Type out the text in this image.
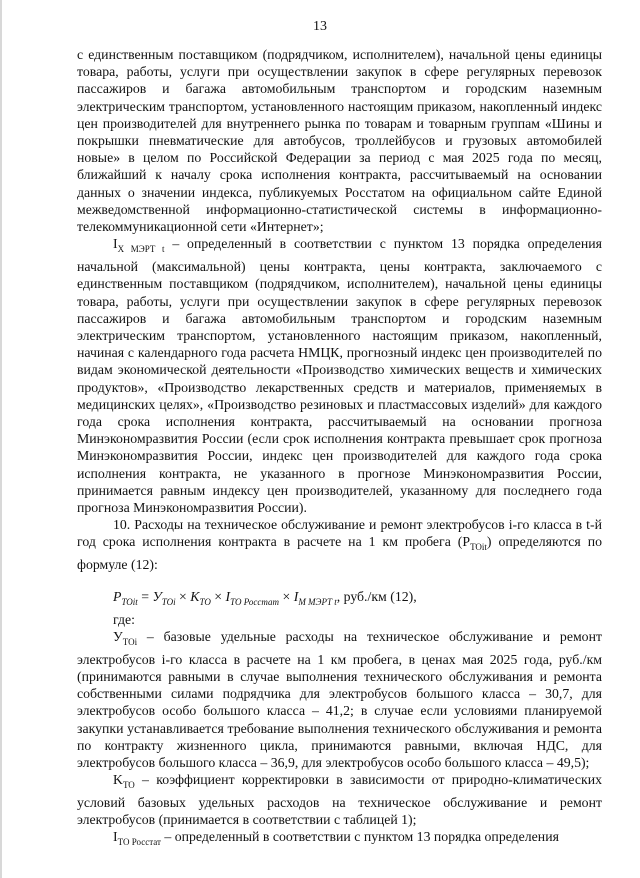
13

с единственным поставщиком (подрядчиком, исполнителем), начальной цены единицы товара, работы, услуги при осуществлении закупок в сфере регулярных перевозок пассажиров и багажа автомобильным транспортом и городским наземным электрическим транспортом, установленного настоящим приказом, накопленный индекс цен производителей для внутреннего рынка по товарам и товарным группам «Шины и покрышки пневматические для автобусов, троллейбусов и грузовых автомобилей новые» в целом по Российской Федерации за период с мая 2025 года по месяц, ближайший к началу срока исполнения контракта, рассчитываемый на основании данных о значении индекса, публикуемых Росстатом на официальном сайте Единой межведомственной информационно-статистической системы в информационно-телекоммуникационной сети «Интернет»;

$I_{X МЭРТ t}$ – определенный в соответствии с пунктом 13 порядка определения начальной (максимальной) цены контракта, цены контракта, заключаемого с единственным поставщиком (подрядчиком, исполнителем), начальной цены единицы товара, работы, услуги при осуществлении закупок в сфере регулярных перевозок пассажиров и багажа автомобильным транспортом и городским наземным электрическим транспортом, установленного настоящим приказом, накопленный, начиная с календарного года расчета НМЦК, прогнозный индекс цен производителей по видам экономической деятельности «Производство химических веществ и химических продуктов», «Производство лекарственных средств и материалов, применяемых в медицинских целях», «Производство резиновых и пластмассовых изделий» для каждого года срока исполнения контракта, рассчитываемый на основании прогноза Минэкономразвития России (если срок исполнения контракта превышает срок прогноза Минэкономразвития России, индекс цен производителей для каждого года срока исполнения контракта, не указанного в прогнозе Минэкономразвития России, принимается равным индексу цен производителей, указанному для последнего года прогноза Минэкономразвития России).

10. Расходы на техническое обслуживание и ремонт электробусов i-го класса в t-й год срока исполнения контракта в расчете на 1 км пробега $(P_{TOit})$ определяются по формуле (12):

$P_{TOit} = У_{TOi} \times K_{TO} \times I_{TO Росстат} \times I_{M МЭРТ t}$, руб./км (12),

где:

$У_{TOi}$ – базовые удельные расходы на техническое обслуживание и ремонт электробусов i-го класса в расчете на 1 км пробега, в ценах мая 2025 года, руб./км (принимаются равными в случае выполнения технического обслуживания и ремонта собственными силами подрядчика для электробусов большого класса – 30,7, для электробусов особо большого класса – 41,2; в случае если условиями планируемой закупки устанавливается требование выполнения технического обслуживания и ремонта по контракту жизненного цикла, принимаются равными, включая НДС, для электробусов большого класса – 36,9, для электробусов особо большого класса – 49,5);

$K_{TO}$ – коэффициент корректировки в зависимости от природно-климатических условий базовых удельных расходов на техническое обслуживание и ремонт электробусов (принимается в соответствии с таблицей 1);

$I_{TO Росстат}$ – определенный в соответствии с пунктом 13 порядка определения
